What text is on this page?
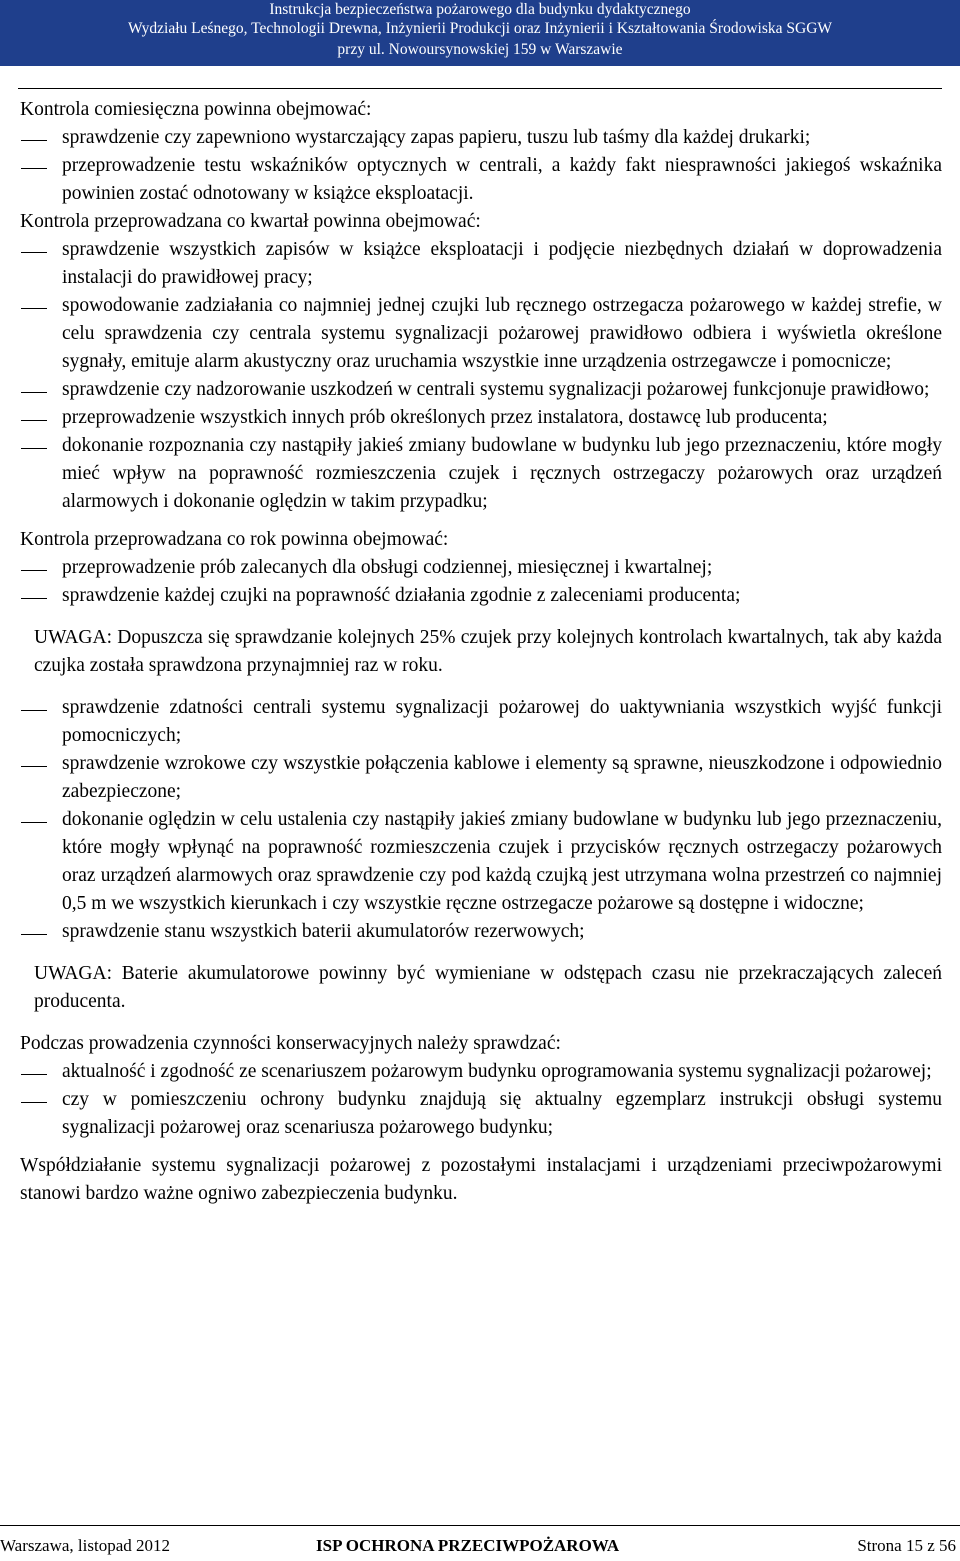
Instrukcja bezpieczeństwa pożarowego dla budynku dydaktycznego
Wydziału Leśnego, Technologii Drewna, Inżynierii Produkcji oraz Inżynierii i Kształtowania Środowiska SGGW
przy ul. Nowoursynowskiej 159 w Warszawie

Kontrola comiesięczna powinna obejmować:

sprawdzenie czy zapewniono wystarczający zapas papieru, tuszu lub taśmy dla każdej drukarki;
przeprowadzenie testu wskaźników optycznych w centrali, a każdy fakt niesprawności jakiegoś wskaźnika powinien zostać odnotowany w książce eksploatacji.

Kontrola przeprowadzana co kwartał powinna obejmować:

sprawdzenie wszystkich zapisów w książce eksploatacji i podjęcie niezbędnych działań w doprowadzenia instalacji do prawidłowej pracy;
spowodowanie zadziałania co najmniej jednej czujki lub ręcznego ostrzegacza pożarowego w każdej strefie, w celu sprawdzenia czy centrala systemu sygnalizacji pożarowej prawidłowo odbiera i wyświetla określone sygnały, emituje alarm akustyczny oraz uruchamia wszystkie inne urządzenia ostrzegawcze i pomocnicze;
sprawdzenie czy nadzorowanie uszkodzeń w centrali systemu sygnalizacji pożarowej funkcjonuje prawidłowo;
przeprowadzenie wszystkich innych prób określonych przez instalatora, dostawcę lub producenta;
dokonanie rozpoznania czy nastąpiły jakieś zmiany budowlane w budynku lub jego przeznaczeniu, które mogły mieć wpływ na poprawność rozmieszczenia czujek i ręcznych ostrzegaczy pożarowych oraz urządzeń alarmowych i dokonanie oględzin w takim przypadku;

Kontrola przeprowadzana co rok powinna obejmować:

przeprowadzenie prób zalecanych dla obsługi codziennej, miesięcznej i kwartalnej;
sprawdzenie każdej czujki na poprawność działania zgodnie z zaleceniami producenta;

UWAGA: Dopuszcza się sprawdzanie kolejnych 25% czujek przy kolejnych kontrolach kwartalnych, tak aby każda czujka została sprawdzona przynajmniej raz w roku.

sprawdzenie zdatności centrali systemu sygnalizacji pożarowej do uaktywniania wszystkich wyjść funkcji pomocniczych;
sprawdzenie wzrokowe czy wszystkie połączenia kablowe i elementy są sprawne, nieuszkodzone i odpowiednio zabezpieczone;
dokonanie oględzin w celu ustalenia czy nastąpiły jakieś zmiany budowlane w budynku lub jego przeznaczeniu, które mogły wpłynąć na poprawność rozmieszczenia czujek i przycisków ręcznych ostrzegaczy pożarowych oraz urządzeń alarmowych oraz sprawdzenie czy pod każdą czujką jest utrzymana wolna przestrzeń co najmniej 0,5 m we wszystkich kierunkach i czy wszystkie ręczne ostrzegacze pożarowe są dostępne i widoczne;
sprawdzenie stanu wszystkich baterii akumulatorów rezerwowych;

UWAGA: Baterie akumulatorowe powinny być wymieniane w odstępach czasu nie przekraczających zaleceń producenta.

Podczas prowadzenia czynności konserwacyjnych należy sprawdzać:

aktualność i zgodność ze scenariuszem pożarowym budynku oprogramowania systemu sygnalizacji pożarowej;
czy w pomieszczeniu ochrony budynku znajdują się aktualny egzemplarz instrukcji obsługi systemu sygnalizacji pożarowej oraz scenariusza pożarowego budynku;

Współdziałanie systemu sygnalizacji pożarowej z pozostałymi instalacjami i urządzeniami przeciwpożarowymi stanowi bardzo ważne ogniwo zabezpieczenia budynku.

Warszawa, listopad 2012	ISP OCHRONA PRZECIWPOŻAROWA	Strona 15 z 56
